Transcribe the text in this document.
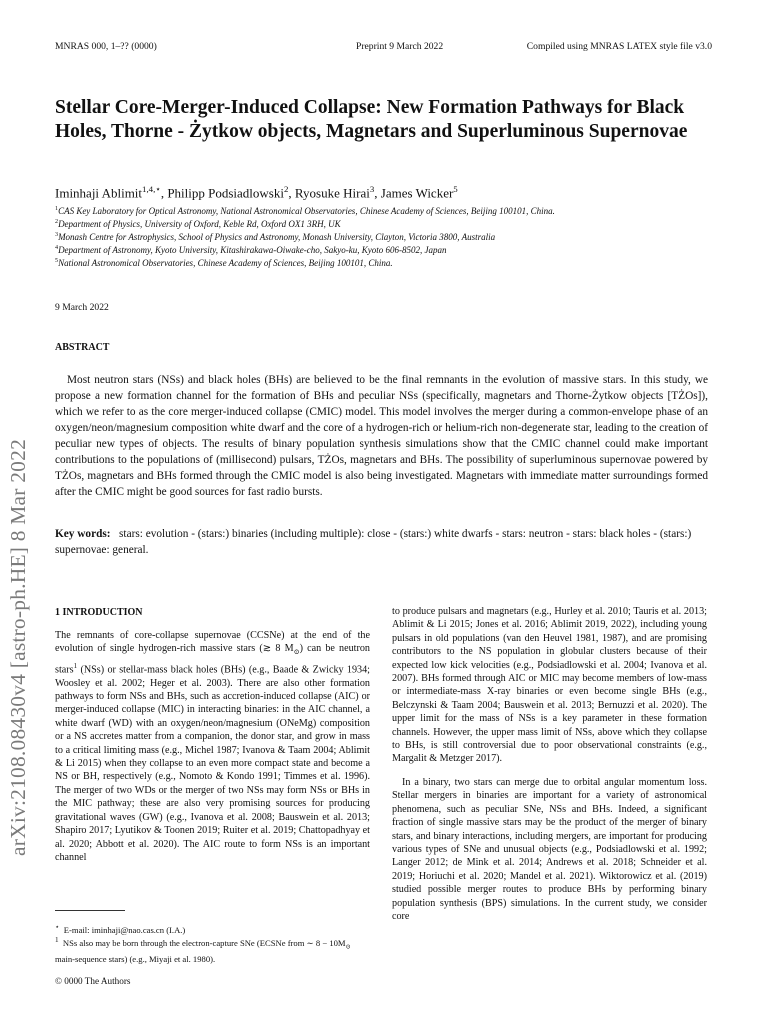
MNRAS 000, 1–?? (0000)	Preprint 9 March 2022	Compiled using MNRAS LATEX style file v3.0
arXiv:2108.08430v4 [astro-ph.HE] 8 Mar 2022
Stellar Core-Merger-Induced Collapse: New Formation Pathways for Black Holes, Thorne - Żytkow objects, Magnetars and Superluminous Supernovae
Iminhaji Ablimit$^{1,4,⋆}$, Philipp Podsiadlowski$^2$, Ryosuke Hirai$^3$, James Wicker$^5$
$^1$CAS Key Laboratory for Optical Astronomy, National Astronomical Observatories, Chinese Academy of Sciences, Beijing 100101, China.
$^2$Department of Physics, University of Oxford, Keble Rd, Oxford OX1 3RH, UK
$^3$Monash Centre for Astrophysics, School of Physics and Astronomy, Monash University, Clayton, Victoria 3800, Australia
$^4$Department of Astronomy, Kyoto University, Kitashirakawa-Oiwake-cho, Sakyo-ku, Kyoto 606-8502, Japan
$^5$National Astronomical Observatories, Chinese Academy of Sciences, Beijing 100101, China.
9 March 2022
ABSTRACT
Most neutron stars (NSs) and black holes (BHs) are believed to be the final remnants in the evolution of massive stars. In this study, we propose a new formation channel for the formation of BHs and peculiar NSs (specifically, magnetars and Thorne-Żytkow objects [TŻOs]), which we refer to as the core merger-induced collapse (CMIC) model. This model involves the merger during a common-envelope phase of an oxygen/neon/magnesium composition white dwarf and the core of a hydrogen-rich or helium-rich non-degenerate star, leading to the creation of peculiar new types of objects. The results of binary population synthesis simulations show that the CMIC channel could make important contributions to the populations of (millisecond) pulsars, TŻOs, magnetars and BHs. The possibility of superluminous supernovae powered by TŻOs, magnetars and BHs formed through the CMIC model is also being investigated. Magnetars with immediate matter surroundings formed after the CMIC might be good sources for fast radio bursts.
Key words: stars: evolution - (stars:) binaries (including multiple): close - (stars:) white dwarfs - stars: neutron - stars: black holes - (stars:) supernovae: general.
1 INTRODUCTION

The remnants of core-collapse supernovae (CCSNe) at the end of the evolution of single hydrogen-rich massive stars (≳ 8 $M_⊙$) can be neutron stars$^1$ (NSs) or stellar-mass black holes (BHs) (e.g., Baade & Zwicky 1934; Woosley et al. 2002; Heger et al. 2003). There are also other formation pathways to form NSs and BHs, such as accretion-induced collapse (AIC) or merger-induced collapse (MIC) in interacting binaries: in the AIC channel, a white dwarf (WD) with an oxygen/neon/magnesium (ONeMg) composition or a NS accretes matter from a companion, the donor star, and grow in mass to a critical limiting mass (e.g., Michel 1987; Ivanova & Taam 2004; Ablimit & Li 2015) when they collapse to an even more compact state and become a NS or BH, respectively (e.g., Nomoto & Kondo 1991; Timmes et al. 1996). The merger of two WDs or the merger of two NSs may form NSs or BHs in the MIC pathway; these are also very promising sources for producing gravitational waves (GW) (e.g., Ivanova et al. 2008; Bauswein et al. 2013; Shapiro 2017; Lyutikov & Toonen 2019; Ruiter et al. 2019; Chattopadhyay et al. 2020; Abbott et al. 2020). The AIC route to form NSs is an important channel

to produce pulsars and magnetars (e.g., Hurley et al. 2010; Tauris et al. 2013; Ablimit & Li 2015; Jones et al. 2016; Ablimit 2019, 2022), including young pulsars in old populations (van den Heuvel 1981, 1987), and are promising contributors to the NS population in globular clusters because of their expected low kick velocities (e.g., Podsiadlowski et al. 2004; Ivanova et al. 2007). BHs formed through AIC or MIC may become members of low-mass or intermediate-mass X-ray binaries or even become single BHs (e.g., Belczynski & Taam 2004; Bauswein et al. 2013; Bernuzzi et al. 2020). The upper limit for the mass of NSs is a key parameter in these formation channels. However, the upper mass limit of NSs, above which they collapse to BHs, is still controversial due to poor observational constraints (e.g., Margalit & Metzger 2017).

In a binary, two stars can merge due to orbital angular momentum loss. Stellar mergers in binaries are important for a variety of astronomical phenomena, such as peculiar SNe, NSs and BHs. Indeed, a significant fraction of single massive stars may be the product of the merger of binary stars, and binary interactions, including mergers, are important for producing various types of SNe and unusual objects (e.g., Podsiadlowski et al. 1992; Langer 2012; de Mink et al. 2014; Andrews et al. 2018; Schneider et al. 2019; Horiuchi et al. 2020; Mandel et al. 2021). Wiktorowicz et al. (2019) studied possible merger routes to produce BHs by performing binary population synthesis (BPS) simulations. In the current study, we consider core

⋆ E-mail: iminhaji@nao.cas.cn (I.A.)
$^1$ NSs also may be born through the electron-capture SNe (ECSNe from ∼ $8 - 10M_⊙$ main-sequence stars) (e.g., Miyaji et al. 1980).
© 0000 The Authors
